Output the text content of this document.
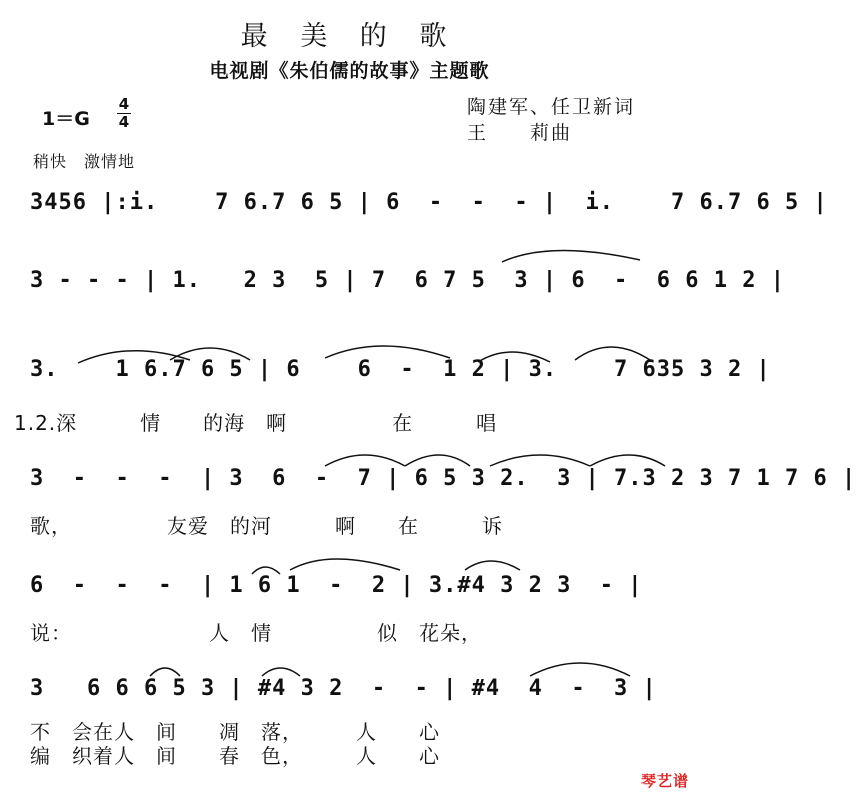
最 美 的 歌
电视剧《朱伯儒的故事》主题歌
陶建军、任卫新词
王　　莉曲
1＝G
4
4
稍快　激情地
3456 |:i.    7 6.7 6 5 | 6  -  -  - |  i.    7 6.7 6 5 |
3 - - - | 1.   2 3  5 | 7  6 7 5  3 | 6  -  6 6 1 2 |
3.    1 6.7 6 5 | 6    6  -  1 2 | 3.    7 635 3 2 |
1.2.深　　　情　　的海　啊　　　　　在　　　唱
3  -  -  -  | 3  6  -  7 | 6 5 3 2.  3 | 7.3 2 3 7 1 7 6 |
歌，　　　　　友爱　的河　　　啊　　在　　　诉
6  -  -  -  | 1 6 1  -  2 | 3.#4 3 2 3  - |
说：　　　　　　　人　情　　　　　似　花朵，
3   6 6 6 5 3 | #4 3 2  -  - | #4  4  -  3 |
不　会在人　间　　凋　落，　　　人　　心
编　织着人　间　　春　色，　　　人　　心
琴艺谱
